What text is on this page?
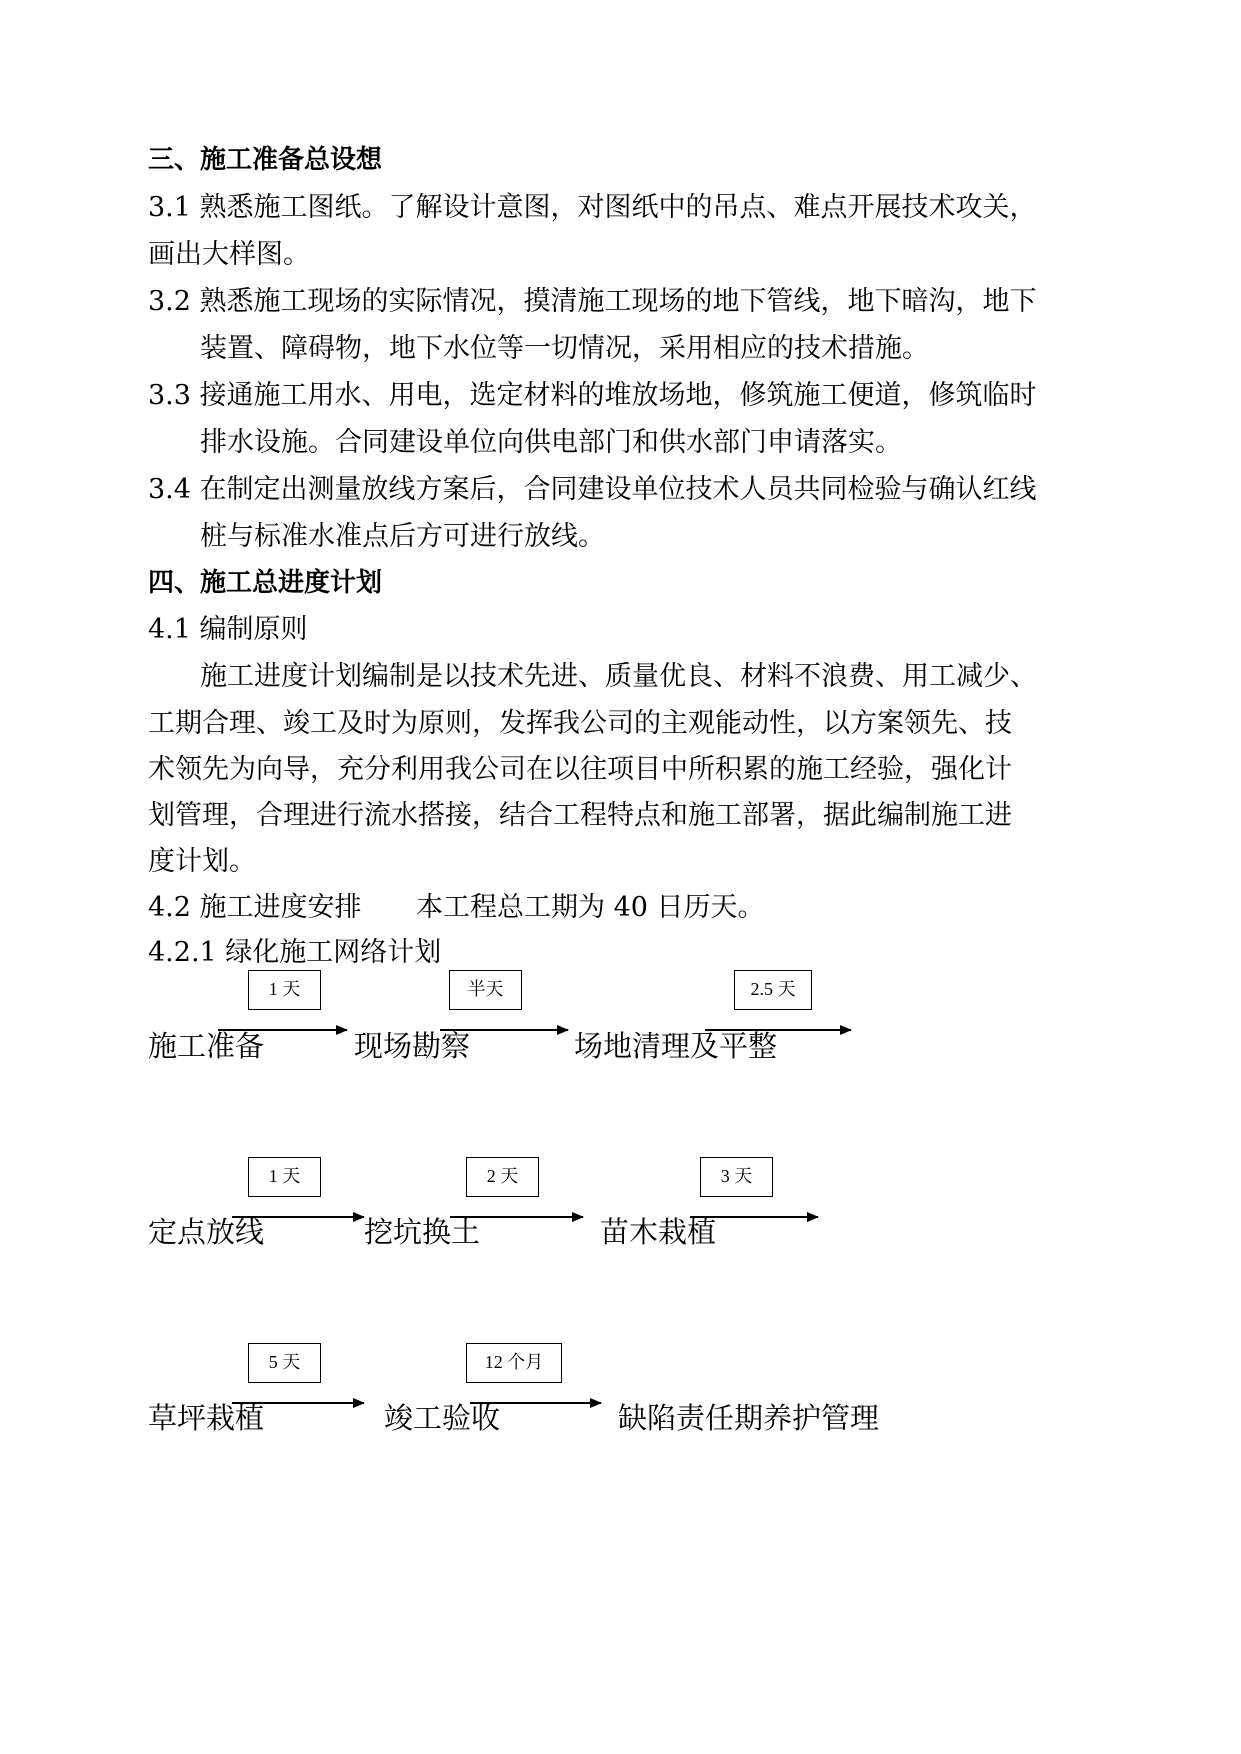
三、施工准备总设想
3.1 熟悉施工图纸。了解设计意图，对图纸中的吊点、难点开展技术攻关，
画出大样图。
3.2 熟悉施工现场的实际情况，摸清施工现场的地下管线，地下暗沟，地下
装置、障碍物，地下水位等一切情况，采用相应的技术措施。
3.3 接通施工用水、用电，选定材料的堆放场地，修筑施工便道，修筑临时
排水设施。合同建设单位向供电部门和供水部门申请落实。
3.4 在制定出测量放线方案后，合同建设单位技术人员共同检验与确认红线
桩与标准水准点后方可进行放线。
四、施工总进度计划
4.1 编制原则
施工进度计划编制是以技术先进、质量优良、材料不浪费、用工减少、
工期合理、竣工及时为原则，发挥我公司的主观能动性，以方案领先、技
术领先为向导，充分利用我公司在以往项目中所积累的施工经验，强化计
划管理，合理进行流水搭接，结合工程特点和施工部署，据此编制施工进
度计划。
4.2 施工进度安排 本工程总工期为 40 日历天。
4.2.1 绿化施工网络计划
1 天	半天	2.5 天
施工准备	现场勘察	场地清理及平整
1 天	2 天	3 天
定点放线	挖坑换土	苗木栽植
5 天	12 个月
草坪栽植	竣工验收	缺陷责任期养护管理
